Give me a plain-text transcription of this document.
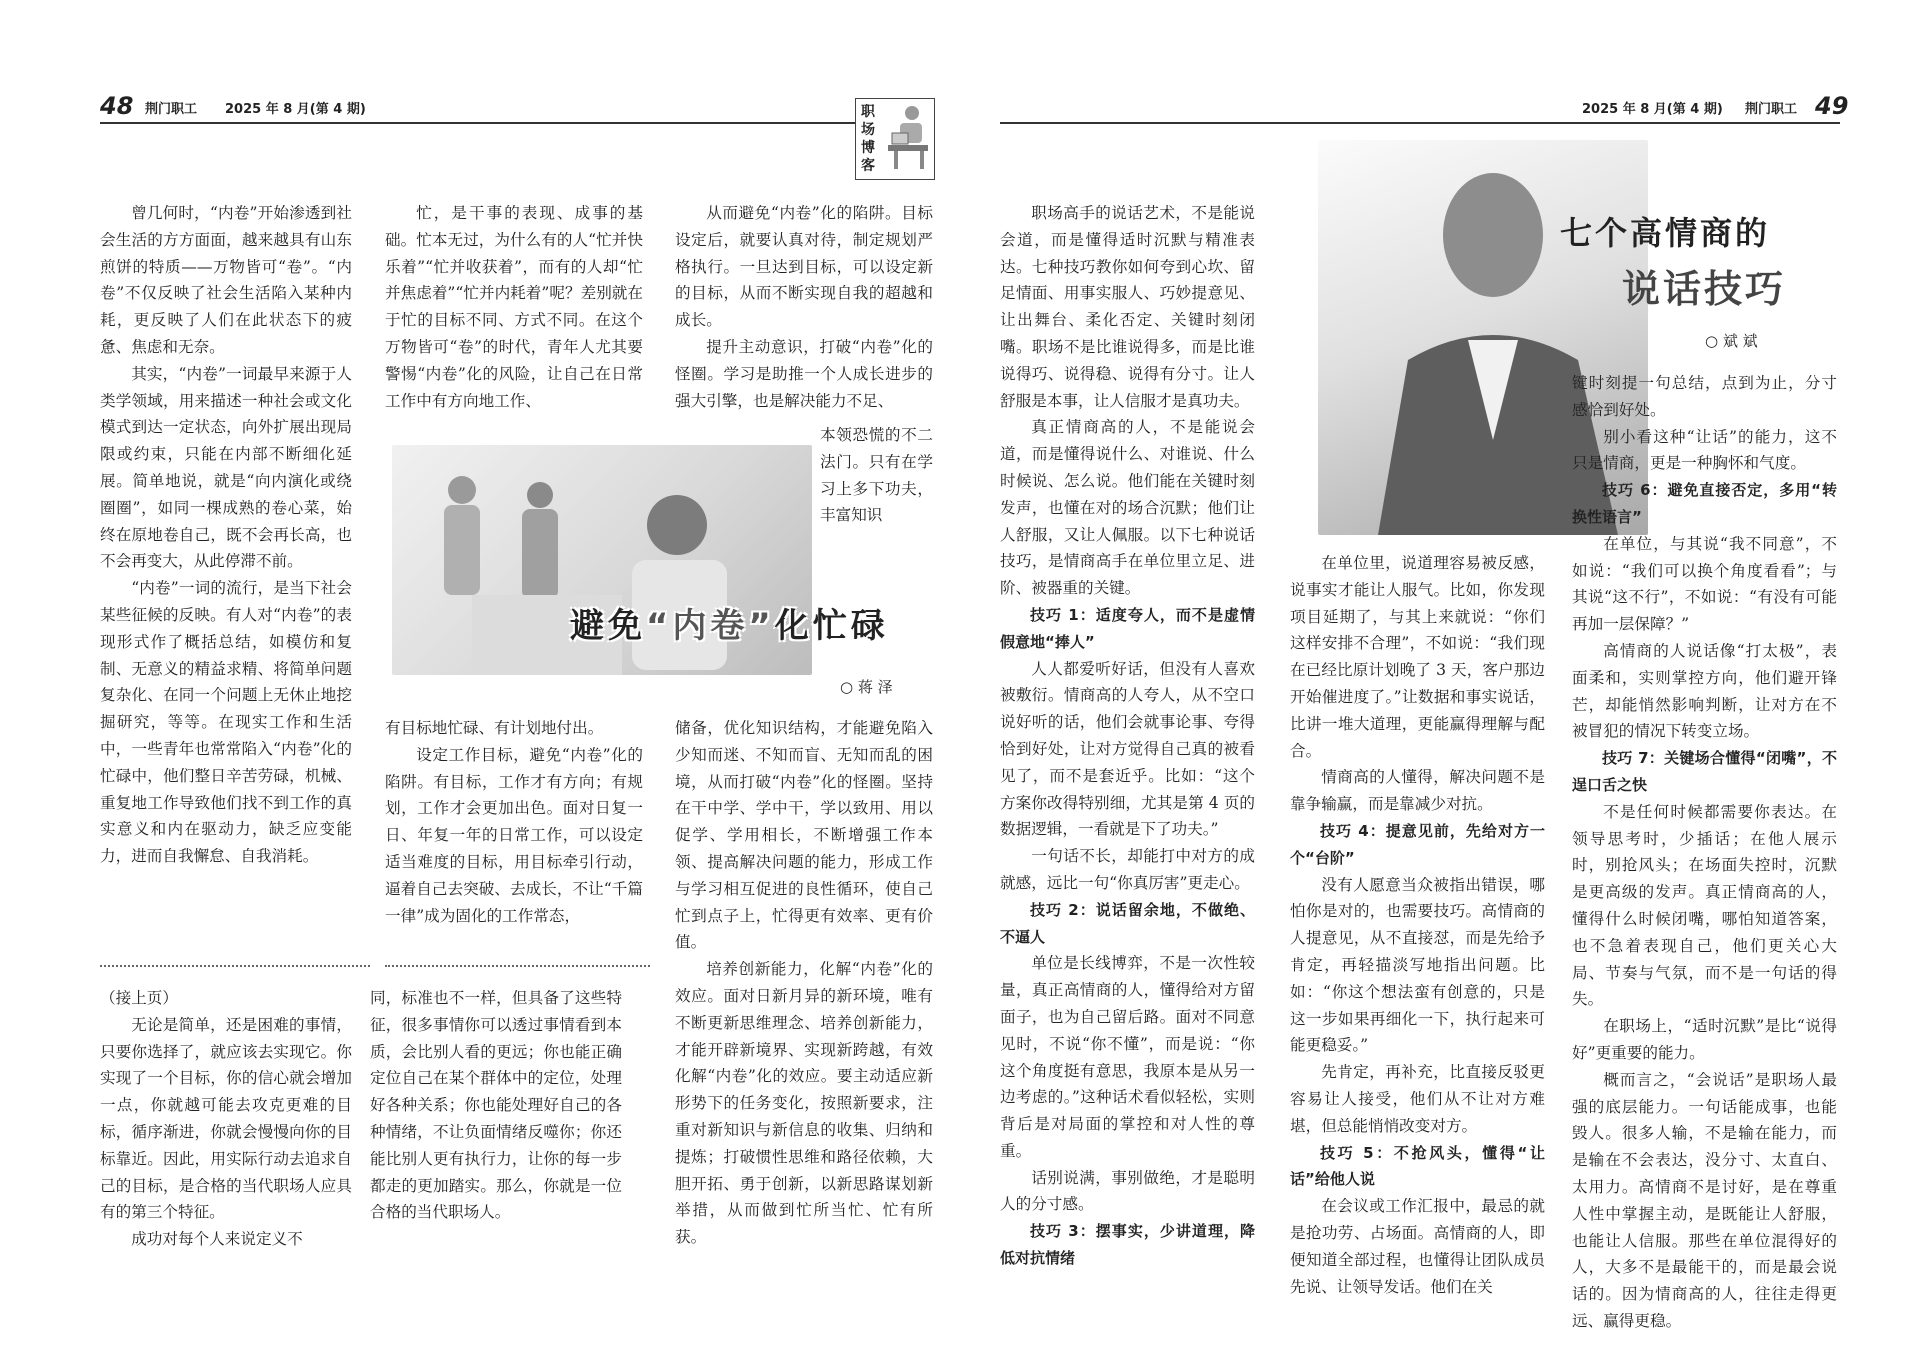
48 荆门职工 2025 年 8 月(第 4 期)	职场博客
2025 年 8 月(第 4 期) 荆门职工 49

曾几何时，“内卷”开始渗透到社会生活的方方面面，越来越具有山东煎饼的特质——万物皆可“卷”。“内卷”不仅反映了社会生活陷入某种内耗，更反映了人们在此状态下的疲惫、焦虑和无奈。

其实，“内卷”一词最早来源于人类学领域，用来描述一种社会或文化模式到达一定状态，向外扩展出现局限或约束，只能在内部不断细化延展。简单地说，就是“向内演化或绕圈圈”，如同一棵成熟的卷心菜，始终在原地卷自己，既不会再长高，也不会再变大，从此停滞不前。

“内卷”一词的流行，是当下社会某些征候的反映。有人对“内卷”的表现形式作了概括总结，如模仿和复制、无意义的精益求精、将简单问题复杂化、在同一个问题上无休止地挖掘研究，等等。在现实工作和生活中，一些青年也常常陷入“内卷”化的忙碌中，他们整日辛苦劳碌，机械、重复地工作导致他们找不到工作的真实意义和内在驱动力，缺乏应变能力，进而自我懈怠、自我消耗。

忙，是干事的表现、成事的基础。忙本无过，为什么有的人“忙并快乐着”“忙并收获着”，而有的人却“忙并焦虑着”“忙并内耗着”呢？差别就在于忙的目标不同、方式不同。在这个万物皆可“卷”的时代，青年人尤其要警惕“内卷”化的风险，让自己在日常工作中有方向地工作、

从而避免“内卷”化的陷阱。目标设定后，就要认真对待，制定规划严格执行。一旦达到目标，可以设定新的目标，从而不断实现自我的超越和成长。

提升主动意识，打破“内卷”化的怪圈。学习是助推一个人成长进步的强大引擎，也是解决能力不足、

本领恐慌的不二法门。只有在学习上多下功夫，丰富知识

避免“内卷”化忙碌
○ 蒋 泽

有目标地忙碌、有计划地付出。

设定工作目标，避免“内卷”化的陷阱。有目标，工作才有方向；有规划，工作才会更加出色。面对日复一日、年复一年的日常工作，可以设定适当难度的目标，用目标牵引行动，逼着自己去突破、去成长，不让“千篇一律”成为固化的工作常态，

储备，优化知识结构，才能避免陷入少知而迷、不知而盲、无知而乱的困境，从而打破“内卷”化的怪圈。坚持在干中学、学中干，学以致用、用以促学、学用相长，不断增强工作本领、提高解决问题的能力，形成工作与学习相互促进的良性循环，使自己忙到点子上，忙得更有效率、更有价值。

培养创新能力，化解“内卷”化的效应。面对日新月异的新环境，唯有不断更新思维理念、培养创新能力，才能开辟新境界、实现新跨越，有效化解“内卷”化的效应。要主动适应新形势下的任务变化，按照新要求，注重对新知识与新信息的收集、归纳和提炼；打破惯性思维和路径依赖，大胆开拓、勇于创新，以新思路谋划新举措，从而做到忙所当忙、忙有所获。

（接上页）

无论是简单，还是困难的事情，只要你选择了，就应该去实现它。你实现了一个目标，你的信心就会增加一点，你就越可能去攻克更难的目标，循序渐进，你就会慢慢向你的目标靠近。因此，用实际行动去追求自己的目标，是合格的当代职场人应具有的第三个特征。

成功对每个人来说定义不

同，标准也不一样，但具备了这些特征，很多事情你可以透过事情看到本质，会比别人看的更远；你也能正确定位自己在某个群体中的定位，处理好各种关系；你也能处理好自己的各种情绪，不让负面情绪反噬你；你还能比别人更有执行力，让你的每一步都走的更加踏实。那么，你就是一位合格的当代职场人。

七个高情商的
说话技巧
○ 斌 斌

职场高手的说话艺术，不是能说会道，而是懂得适时沉默与精准表达。七种技巧教你如何夸到心坎、留足情面、用事实服人、巧妙提意见、让出舞台、柔化否定、关键时刻闭嘴。职场不是比谁说得多，而是比谁说得巧、说得稳、说得有分寸。让人舒服是本事，让人信服才是真功夫。

真正情商高的人，不是能说会道，而是懂得说什么、对谁说、什么时候说、怎么说。他们能在关键时刻发声，也懂在对的场合沉默；他们让人舒服，又让人佩服。以下七种说话技巧，是情商高手在单位里立足、进阶、被器重的关键。

技巧 1：适度夸人，而不是虚情假意地“捧人”

人人都爱听好话，但没有人喜欢被敷衍。情商高的人夸人，从不空口说好听的话，他们会就事论事、夸得恰到好处，让对方觉得自己真的被看见了，而不是套近乎。比如：“这个方案你改得特别细，尤其是第 4 页的数据逻辑，一看就是下了功夫。”

一句话不长，却能打中对方的成就感，远比一句“你真厉害”更走心。

技巧 2：说话留余地，不做绝、不逼人

单位是长线博弈，不是一次性较量，真正高情商的人，懂得给对方留面子，也为自己留后路。面对不同意见时，不说“你不懂”，而是说：“你这个角度挺有意思，我原本是从另一边考虑的。”这种话术看似轻松，实则背后是对局面的掌控和对人性的尊重。

话别说满，事别做绝，才是聪明人的分寸感。

技巧 3：摆事实，少讲道理，降低对抗情绪

在单位里，说道理容易被反感，说事实才能让人服气。比如，你发现项目延期了，与其上来就说：“你们这样安排不合理”，不如说：“我们现在已经比原计划晚了 3 天，客户那边开始催进度了。”让数据和事实说话，比讲一堆大道理，更能赢得理解与配合。

情商高的人懂得，解决问题不是靠争输赢，而是靠减少对抗。

技巧 4：提意见前，先给对方一个“台阶”

没有人愿意当众被指出错误，哪怕你是对的，也需要技巧。高情商的人提意见，从不直接怼，而是先给予肯定，再轻描淡写地指出问题。比如：“你这个想法蛮有创意的，只是这一步如果再细化一下，执行起来可能更稳妥。”

先肯定，再补充，比直接反驳更容易让人接受，他们从不让对方难堪，但总能悄悄改变对方。

技巧 5：不抢风头，懂得“让话”给他人说

在会议或工作汇报中，最忌的就是抢功劳、占场面。高情商的人，即便知道全部过程，也懂得让团队成员先说、让领导发话。他们在关

键时刻提一句总结，点到为止，分寸感恰到好处。

别小看这种“让话”的能力，这不只是情商，更是一种胸怀和气度。

技巧 6：避免直接否定，多用“转换性语言”

在单位，与其说“我不同意”，不如说：“我们可以换个角度看看”；与其说“这不行”，不如说：“有没有可能再加一层保障？”

高情商的人说话像“打太极”，表面柔和，实则掌控方向，他们避开锋芒，却能悄然影响判断，让对方在不被冒犯的情况下转变立场。

技巧 7：关键场合懂得“闭嘴”，不逞口舌之快

不是任何时候都需要你表达。在领导思考时，少插话；在他人展示时，别抢风头；在场面失控时，沉默是更高级的发声。真正情商高的人，懂得什么时候闭嘴，哪怕知道答案，也不急着表现自己，他们更关心大局、节奏与气氛，而不是一句话的得失。

在职场上，“适时沉默”是比“说得好”更重要的能力。

概而言之，“会说话”是职场人最强的底层能力。一句话能成事，也能毁人。很多人输，不是输在能力，而是输在不会表达，没分寸、太直白、太用力。高情商不是讨好，是在尊重人性中掌握主动，是既能让人舒服，也能让人信服。那些在单位混得好的人，大多不是最能干的，而是最会说话的。因为情商高的人，往往走得更远、赢得更稳。
